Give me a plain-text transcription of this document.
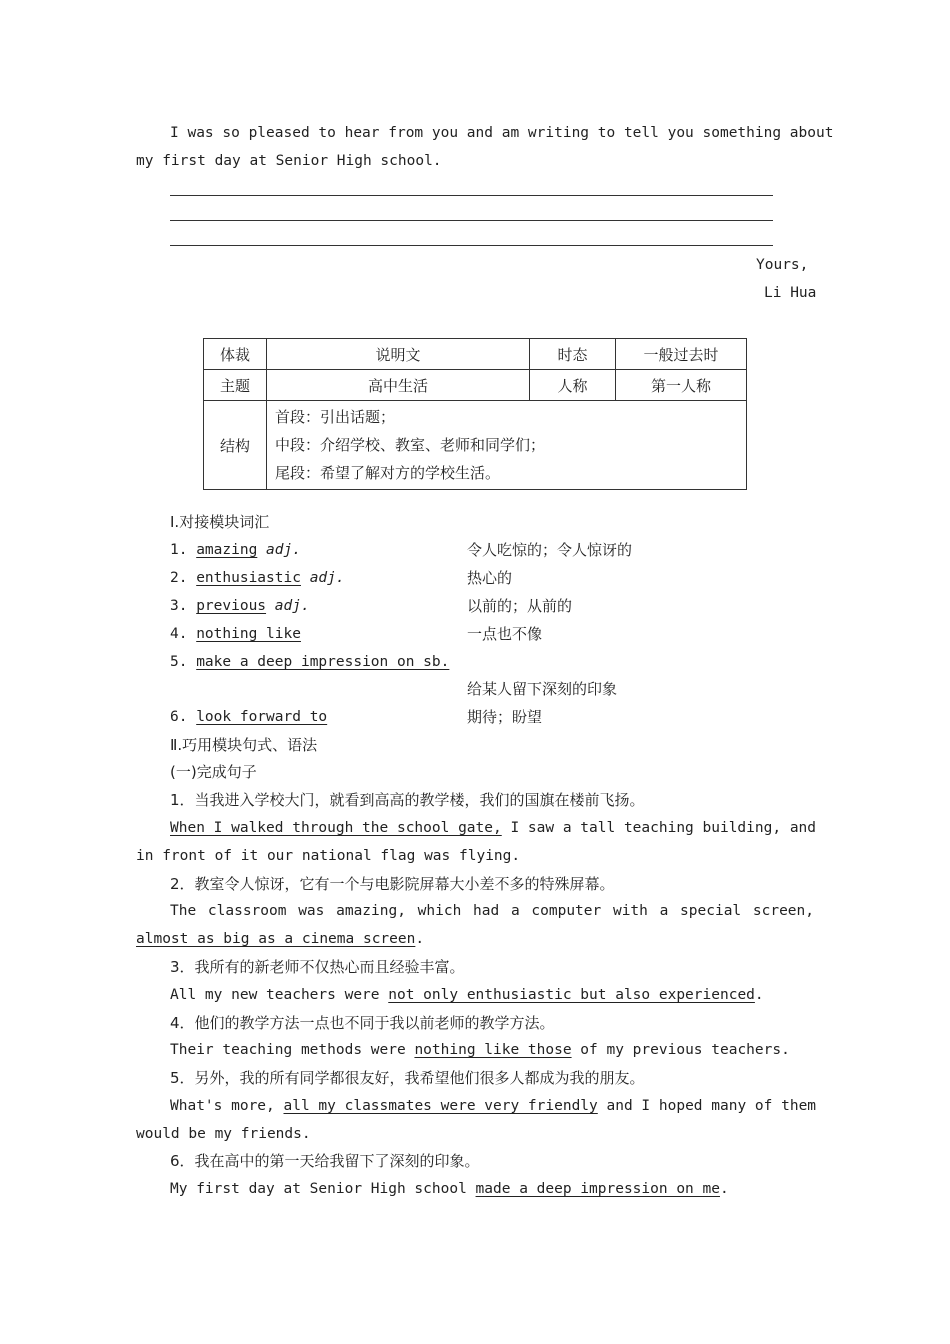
I was so pleased to hear from you and am writing to tell you something about
my first day at Senior High school.
Yours,
Li Hua
体裁	说明文	时态	一般过去时
主题	高中生活	人称	第一人称
结构	首段：引出话题；
中段：介绍学校、教室、老师和同学们；
尾段：希望了解对方的学校生活。		
Ⅰ.对接模块词汇
1. amazing adj.	令人吃惊的；令人惊讶的
2. enthusiastic adj.	热心的
3. previous adj.	以前的；从前的
4. nothing like	一点也不像
5. make a deep impression on sb.
给某人留下深刻的印象
6. look forward to	期待；盼望
Ⅱ.巧用模块句式、语法
(一)完成句子
1．当我进入学校大门，就看到高高的教学楼，我们的国旗在楼前飞扬。
When I walked through the school gate, I saw a tall teaching building, and
in front of it our national flag was flying.
2．教室令人惊讶，它有一个与电影院屏幕大小差不多的特殊屏幕。
The classroom was amazing, which had a computer with a special screen,
almost as big as a cinema screen.
3．我所有的新老师不仅热心而且经验丰富。
All my new teachers were not only enthusiastic but also experienced.
4．他们的教学方法一点也不同于我以前老师的教学方法。
Their teaching methods were nothing like those of my previous teachers.
5．另外，我的所有同学都很友好，我希望他们很多人都成为我的朋友。
What's more, all my classmates were very friendly and I hoped many of them
would be my friends.
6．我在高中的第一天给我留下了深刻的印象。
My first day at Senior High school made a deep impression on me.
